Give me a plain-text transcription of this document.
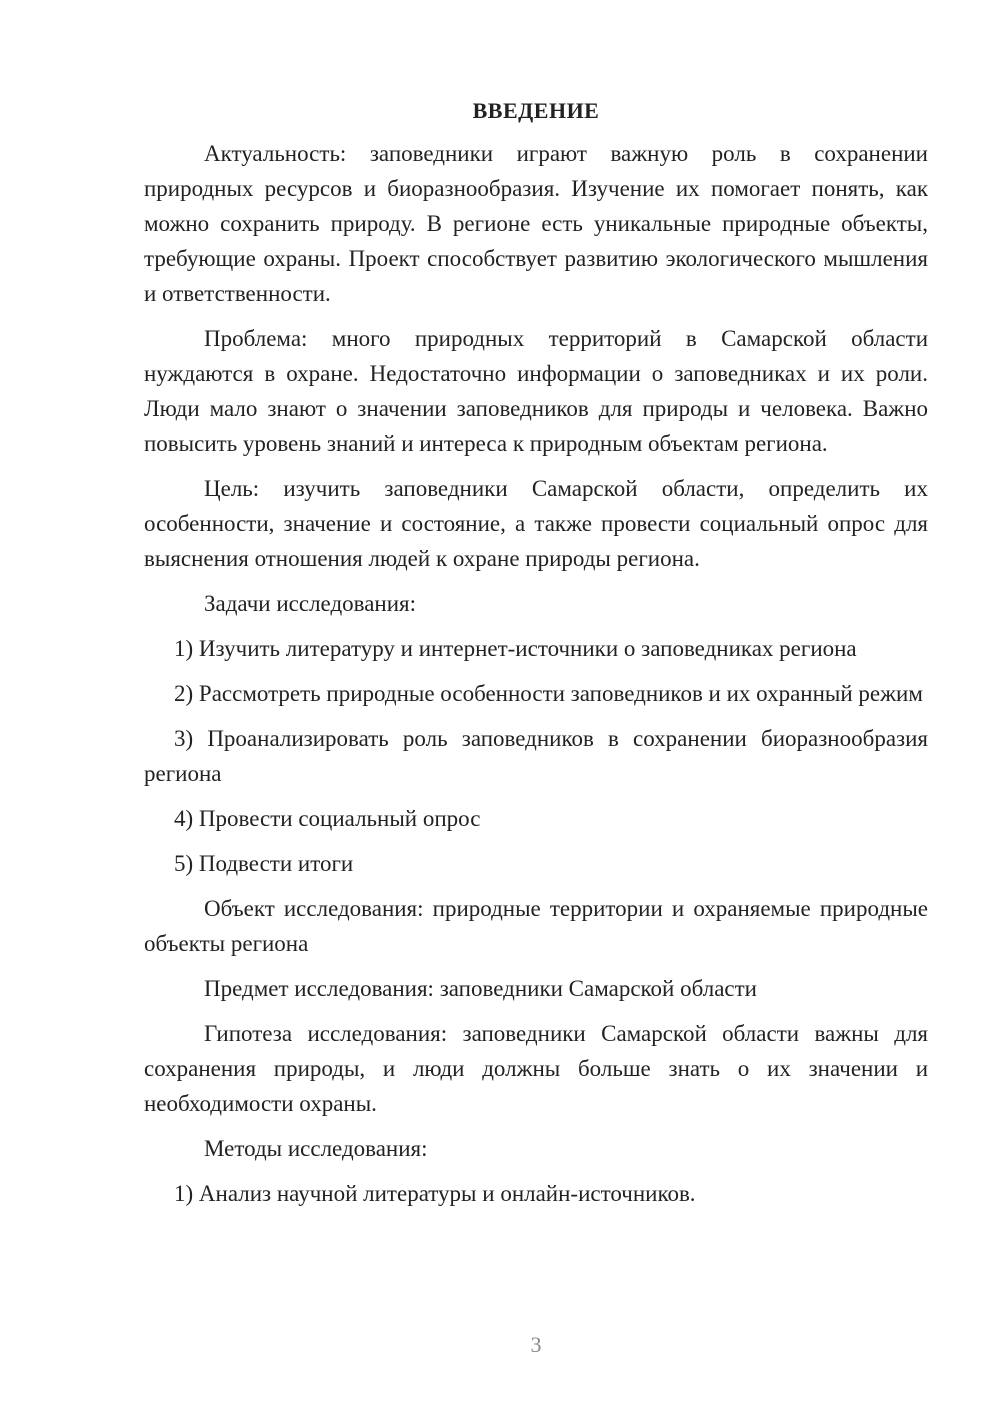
ВВЕДЕНИЕ

Актуальность: заповедники играют важную роль в сохранении природных ресурсов и биоразнообразия. Изучение их помогает понять, как можно сохранить природу. В регионе есть уникальные природные объекты, требующие охраны. Проект способствует развитию экологического мышления и ответственности.

Проблема: много природных территорий в Самарской области нуждаются в охране. Недостаточно информации о заповедниках и их роли. Люди мало знают о значении заповедников для природы и человека. Важно повысить уровень знаний и интереса к природным объектам региона.

Цель: изучить заповедники Самарской области, определить их особенности, значение и состояние, а также провести социальный опрос для выяснения отношения людей к охране природы региона.

Задачи исследования:

1) Изучить литературу и интернет-источники о заповедниках региона

2) Рассмотреть природные особенности заповедников и их охранный режим

3) Проанализировать роль заповедников в сохранении биоразнообразия региона

4) Провести социальный опрос

5) Подвести итоги

Объект исследования: природные территории и охраняемые природные объекты региона

Предмет исследования: заповедники Самарской области

Гипотеза исследования: заповедники Самарской области важны для сохранения природы, и люди должны больше знать о их значении и необходимости охраны.

Методы исследования:

1) Анализ научной литературы и онлайн-источников.

3
